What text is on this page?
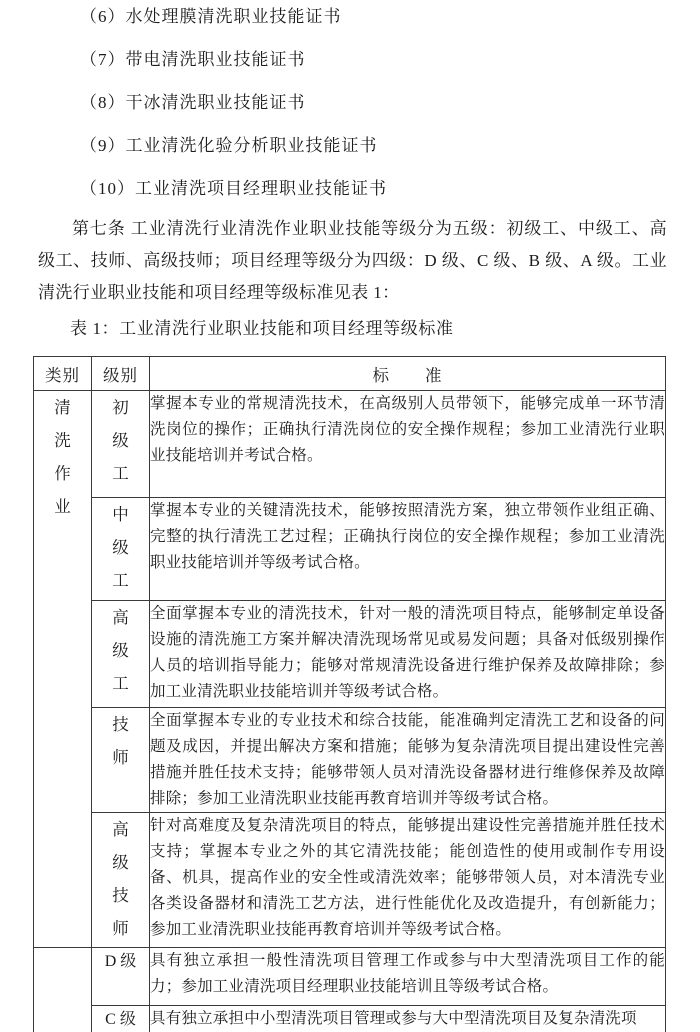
（6）水处理膜清洗职业技能证书
（7）带电清洗职业技能证书
（8）干冰清洗职业技能证书
（9）工业清洗化验分析职业技能证书
（10）工业清洗项目经理职业技能证书

第七条 工业清洗行业清洗作业职业技能等级分为五级：初级工、中级工、高级工、技师、高级技师；项目经理等级分为四级：D 级、C 级、B 级、A 级。工业清洗行业职业技能和项目经理等级标准见表 1：

表 1：工业清洗行业职业技能和项目经理等级标准

类别	级别	标　　准

清洗作业	初级工	掌握本专业的常规清洗技术，在高级别人员带领下，能够完成单一环节清洗岗位的操作；正确执行清洗岗位的安全操作规程；参加工业清洗行业职业技能培训并考试合格。

	中级工	掌握本专业的关键清洗技术，能够按照清洗方案，独立带领作业组正确、完整的执行清洗工艺过程；正确执行岗位的安全操作规程；参加工业清洗职业技能培训并等级考试合格。

	高级工	全面掌握本专业的清洗技术，针对一般的清洗项目特点，能够制定单设备设施的清洗施工方案并解决清洗现场常见或易发问题；具备对低级别操作人员的培训指导能力；能够对常规清洗设备进行维护保养及故障排除；参加工业清洗职业技能培训并等级考试合格。

	技师	全面掌握本专业的专业技术和综合技能，能准确判定清洗工艺和设备的问题及成因，并提出解决方案和措施；能够为复杂清洗项目提出建设性完善措施并胜任技术支持；能够带领人员对清洗设备器材进行维修保养及故障排除；参加工业清洗职业技能再教育培训并等级考试合格。

	高级技师	针对高难度及复杂清洗项目的特点，能够提出建设性完善措施并胜任技术支持；掌握本专业之外的其它清洗技能；能创造性的使用或制作专用设备、机具，提高作业的安全性或清洗效率；能够带领人员，对本清洗专业各类设备器材和清洗工艺方法，进行性能优化及改造提升，有创新能力；参加工业清洗职业技能再教育培训并等级考试合格。

	D 级	具有独立承担一般性清洗项目管理工作或参与中大型清洗项目工作的能力；参加工业清洗项目经理职业技能培训且等级考试合格。
	C 级	具有独立承担中小型清洗项目管理或参与大中型清洗项目及复杂清洗项
